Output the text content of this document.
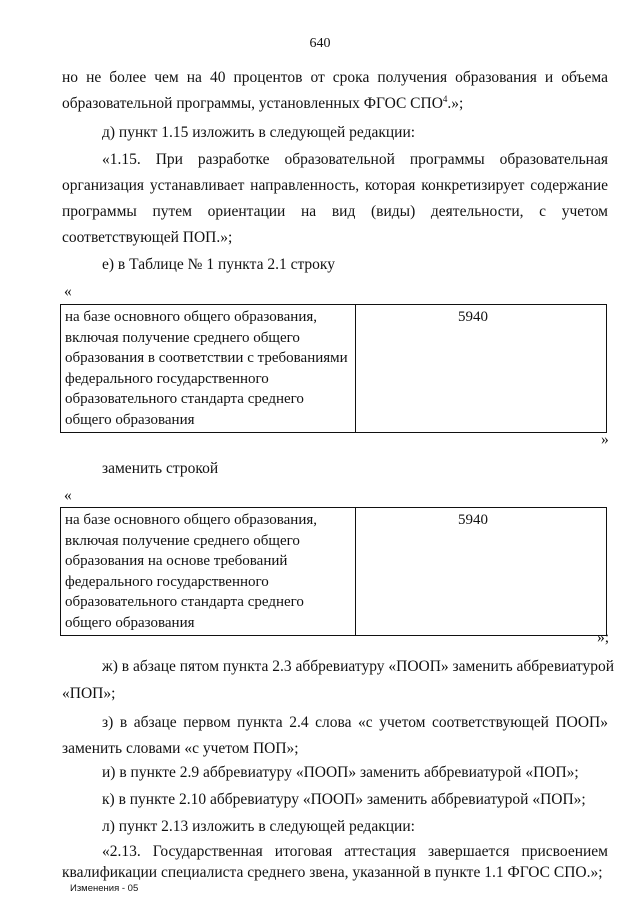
640
но не более чем на 40 процентов от срока получения образования и объема
образовательной программы, установленных ФГОС СПО$^4$.»;
д) пункт 1.15 изложить в следующей редакции:
«1.15. При разработке образовательной программы образовательная
организация устанавливает направленность, которая конкретизирует содержание
программы путем ориентации на вид (виды) деятельности, с учетом
соответствующей ПОП.»;
е) в Таблице № 1 пункта 2.1 строку
«
на базе основного общего образования,
включая получение среднего общего
образования в соответствии с требованиями
федерального государственного
образовательного стандарта среднего
общего образования
	5940
»
заменить строкой
«
на базе основного общего образования,
включая получение среднего общего
образования на основе требований
федерального государственного
образовательного стандарта среднего
общего образования
	5940
»;
ж) в абзаце пятом пункта 2.3 аббревиатуру «ПООП» заменить аббревиатурой
«ПОП»;
з) в абзаце первом пункта 2.4 слова «с учетом соответствующей ПООП»
заменить словами «с учетом ПОП»;
и) в пункте 2.9 аббревиатуру «ПООП» заменить аббревиатурой «ПОП»;
к) в пункте 2.10 аббревиатуру «ПООП» заменить аббревиатурой «ПОП»;
л) пункт 2.13 изложить в следующей редакции:
«2.13. Государственная итоговая аттестация завершается присвоением
квалификации специалиста среднего звена, указанной в пункте 1.1 ФГОС СПО.»;
Изменения - 05
